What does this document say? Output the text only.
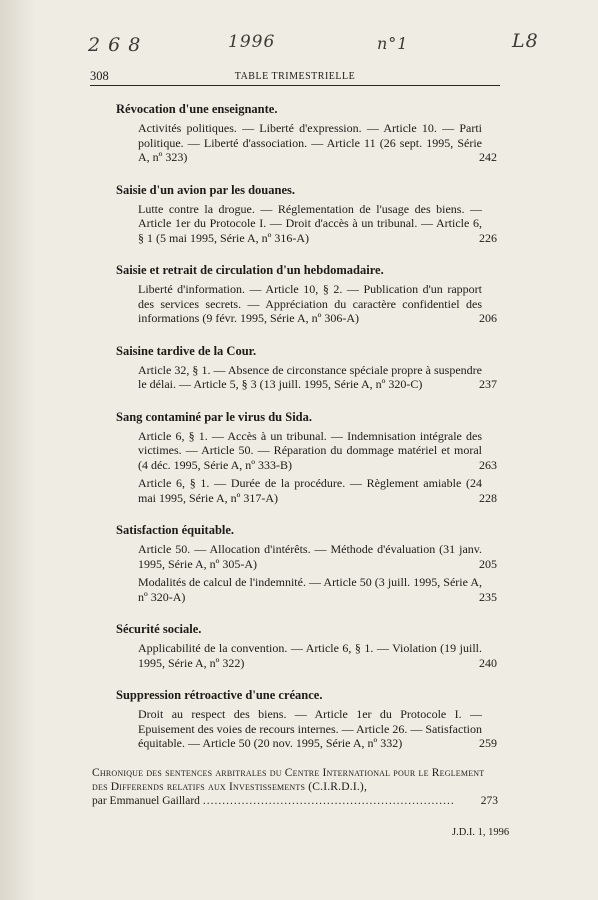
2 6 8	1996	n°1	L8
308	TABLE TRIMESTRIELLE
Révocation d'une enseignante.
Activités politiques. — Liberté d'expression. — Article 10. — Parti politique. — Liberté d'association. — Article 11 (26 sept. 1995, Série A, nº 323)	242
Saisie d'un avion par les douanes.
Lutte contre la drogue. — Réglementation de l'usage des biens. — Article 1er du Protocole I. — Droit d'accès à un tribunal. — Article 6, § 1 (5 mai 1995, Série A, nº 316-A)	226
Saisie et retrait de circulation d'un hebdomadaire.
Liberté d'information. — Article 10, § 2. — Publication d'un rapport des services secrets. — Appréciation du caractère confidentiel des informations (9 févr. 1995, Série A, nº 306-A)	206
Saisine tardive de la Cour.
Article 32, § 1. — Absence de circonstance spéciale propre à suspendre le délai. — Article 5, § 3 (13 juill. 1995, Série A, nº 320-C)	237
Sang contaminé par le virus du Sida.
Article 6, § 1. — Accès à un tribunal. — Indemnisation intégrale des victimes. — Article 50. — Réparation du dommage matériel et moral (4 déc. 1995, Série A, nº 333-B)	263
Article 6, § 1. — Durée de la procédure. — Règlement amiable (24 mai 1995, Série A, nº 317-A)	228
Satisfaction équitable.
Article 50. — Allocation d'intérêts. — Méthode d'évaluation (31 janv. 1995, Série A, nº 305-A)	205
Modalités de calcul de l'indemnité. — Article 50 (3 juill. 1995, Série A, nº 320-A)	235
Sécurité sociale.
Applicabilité de la convention. — Article 6, § 1. — Violation (19 juill. 1995, Série A, nº 322)	240
Suppression rétroactive d'une créance.
Droit au respect des biens. — Article 1er du Protocole I. — Epuisement des voies de recours internes. — Article 26. — Satisfaction équitable. — Article 50 (20 nov. 1995, Série A, nº 332)	259
Chronique des sentences arbitrales du Centre International pour le Reglement des Differends relatifs aux Investissements (C.I.R.D.I.),
par Emmanuel Gaillard ................................................................. 273
J.D.I. 1, 1996
